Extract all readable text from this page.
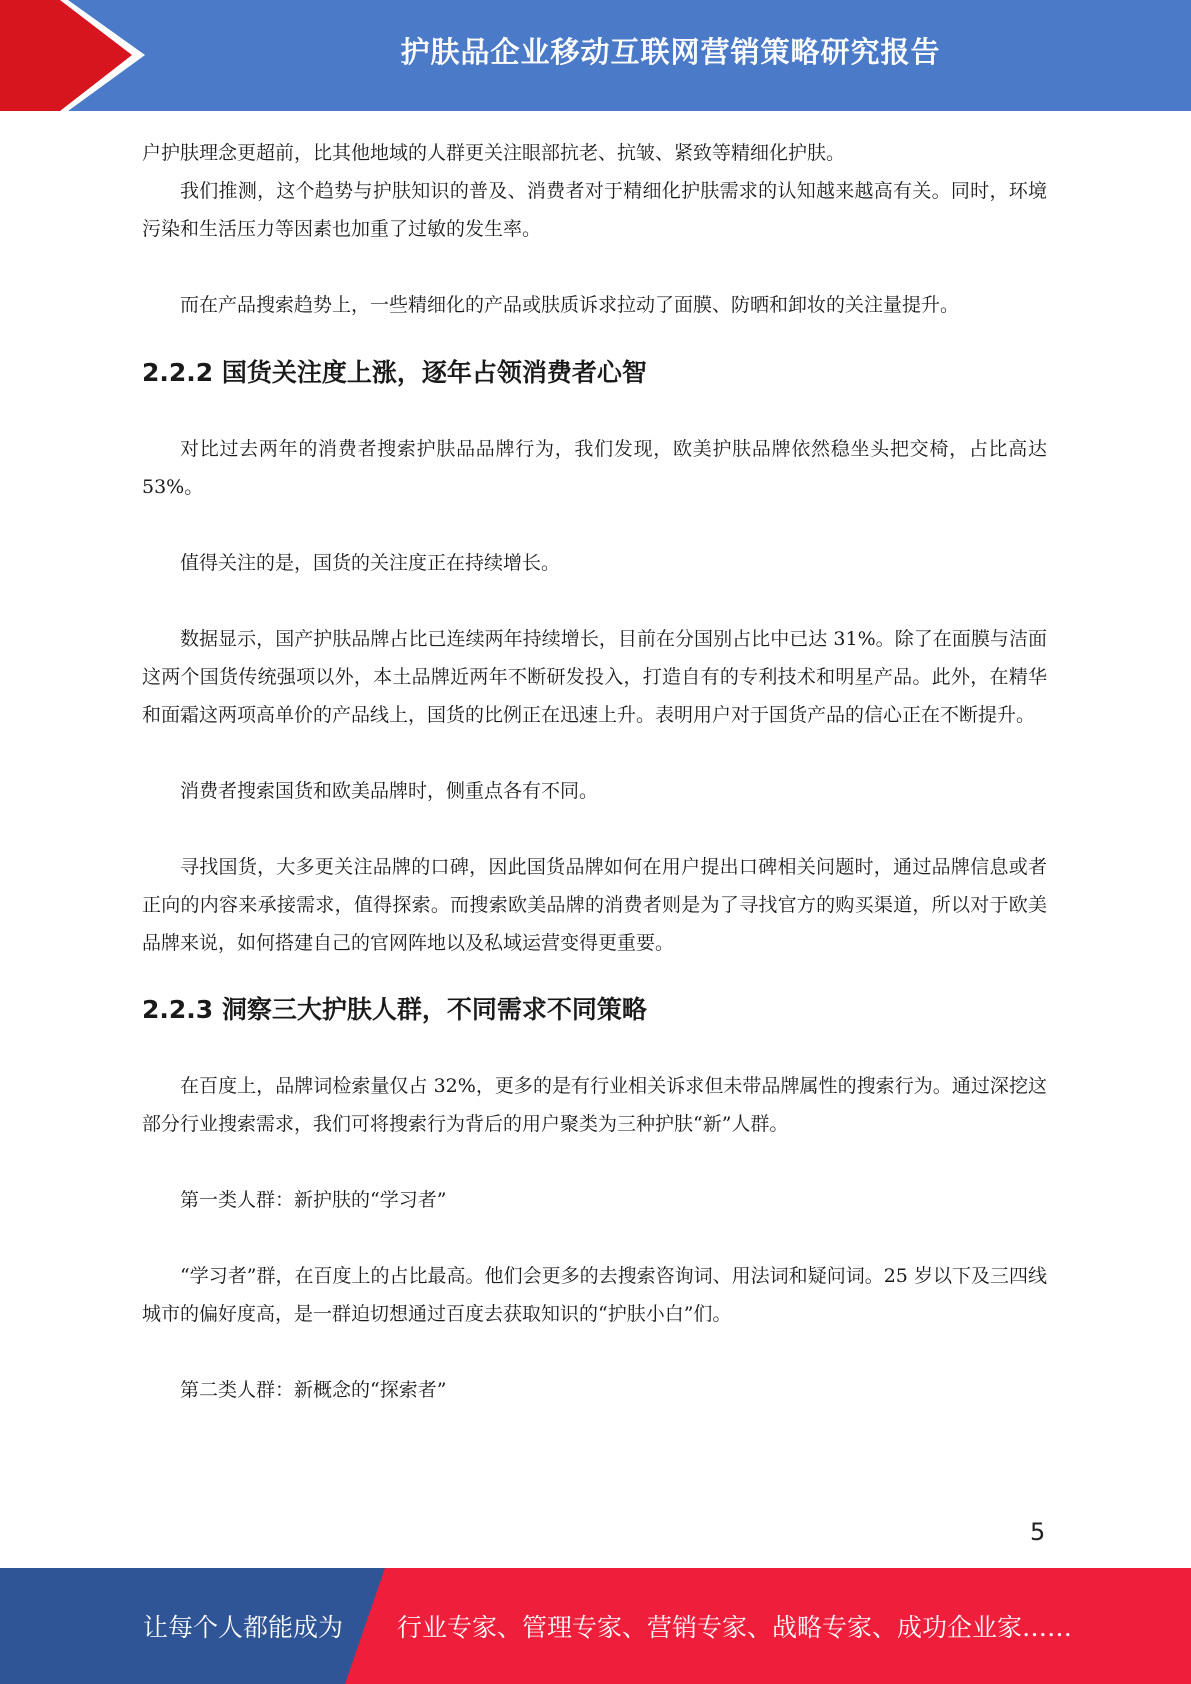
护肤品企业移动互联网营销策略研究报告

户护肤理念更超前，比其他地域的人群更关注眼部抗老、抗皱、紧致等精细化护肤。

我们推测，这个趋势与护肤知识的普及、消费者对于精细化护肤需求的认知越来越高有关。同时，环境污染和生活压力等因素也加重了过敏的发生率。

而在产品搜索趋势上，一些精细化的产品或肤质诉求拉动了面膜、防晒和卸妆的关注量提升。

2.2.2 国货关注度上涨，逐年占领消费者心智

对比过去两年的消费者搜索护肤品品牌行为，我们发现，欧美护肤品牌依然稳坐头把交椅，占比高达 53%。

值得关注的是，国货的关注度正在持续增长。

数据显示，国产护肤品牌占比已连续两年持续增长，目前在分国别占比中已达 31%。除了在面膜与洁面这两个国货传统强项以外，本土品牌近两年不断研发投入，打造自有的专利技术和明星产品。此外，在精华和面霜这两项高单价的产品线上，国货的比例正在迅速上升。表明用户对于国货产品的信心正在不断提升。

消费者搜索国货和欧美品牌时，侧重点各有不同。

寻找国货，大多更关注品牌的口碑，因此国货品牌如何在用户提出口碑相关问题时，通过品牌信息或者正向的内容来承接需求，值得探索。而搜索欧美品牌的消费者则是为了寻找官方的购买渠道，所以对于欧美品牌来说，如何搭建自己的官网阵地以及私域运营变得更重要。

2.2.3 洞察三大护肤人群，不同需求不同策略

在百度上，品牌词检索量仅占 32%，更多的是有行业相关诉求但未带品牌属性的搜索行为。通过深挖这部分行业搜索需求，我们可将搜索行为背后的用户聚类为三种护肤“新”人群。

第一类人群：新护肤的“学习者”

“学习者”群，在百度上的占比最高。他们会更多的去搜索咨询词、用法词和疑问词。25 岁以下及三四线城市的偏好度高，是一群迫切想通过百度去获取知识的“护肤小白”们。

第二类人群：新概念的“探索者”

5
让每个人都能成为 行业专家、管理专家、营销专家、战略专家、成功企业家……
